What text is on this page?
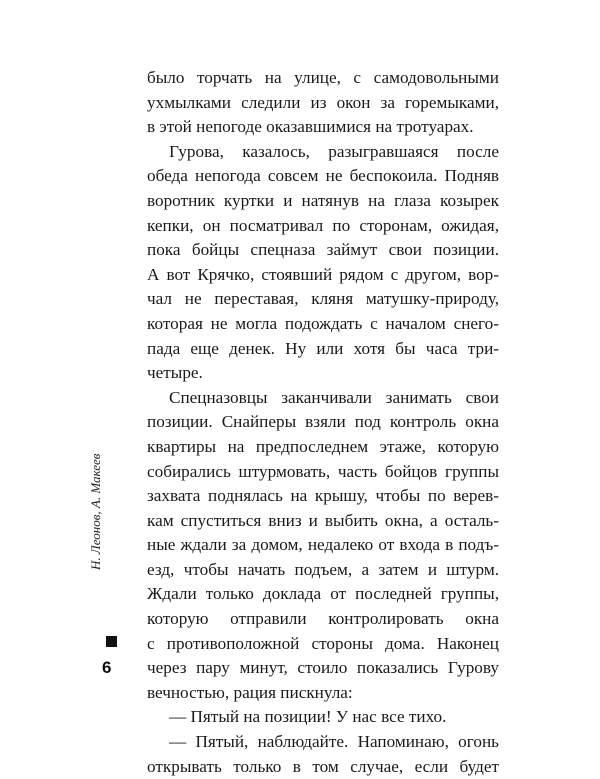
было торчать на улице, с самодовольными
ухмылками следили из окон за горемыками,
в этой непогоде оказавшимися на тротуарах.
Гурова, казалось, разыгравшаяся после
обеда непогода совсем не беспокоила. Подняв
воротник куртки и натянув на глаза козырек
кепки, он посматривал по сторонам, ожидая,
пока бойцы спецназа займут свои позиции.
А вот Крячко, стоявший рядом с другом, вор-
чал не переставая, кляня матушку-природу,
которая не могла подождать с началом снего-
пада еще денек. Ну или хотя бы часа три-
четыре.
Спецназовцы заканчивали занимать свои
позиции. Снайперы взяли под контроль окна
квартиры на предпоследнем этаже, которую
собирались штурмовать, часть бойцов группы
захвата поднялась на крышу, чтобы по верев-
кам спуститься вниз и выбить окна, а осталь-
ные ждали за домом, недалеко от входа в подъ-
езд, чтобы начать подъем, а затем и штурм.
Ждали только доклада от последней группы,
которую отправили контролировать окна
с противоположной стороны дома. Наконец
через пару минут, стоило показались Гурову
вечностью, рация пискнула:
— Пятый на позиции! У нас все тихо.
— Пятый, наблюдайте. Напоминаю, огонь
открывать только в том случае, если будет
Н. Леонов, А. Макеев
6
